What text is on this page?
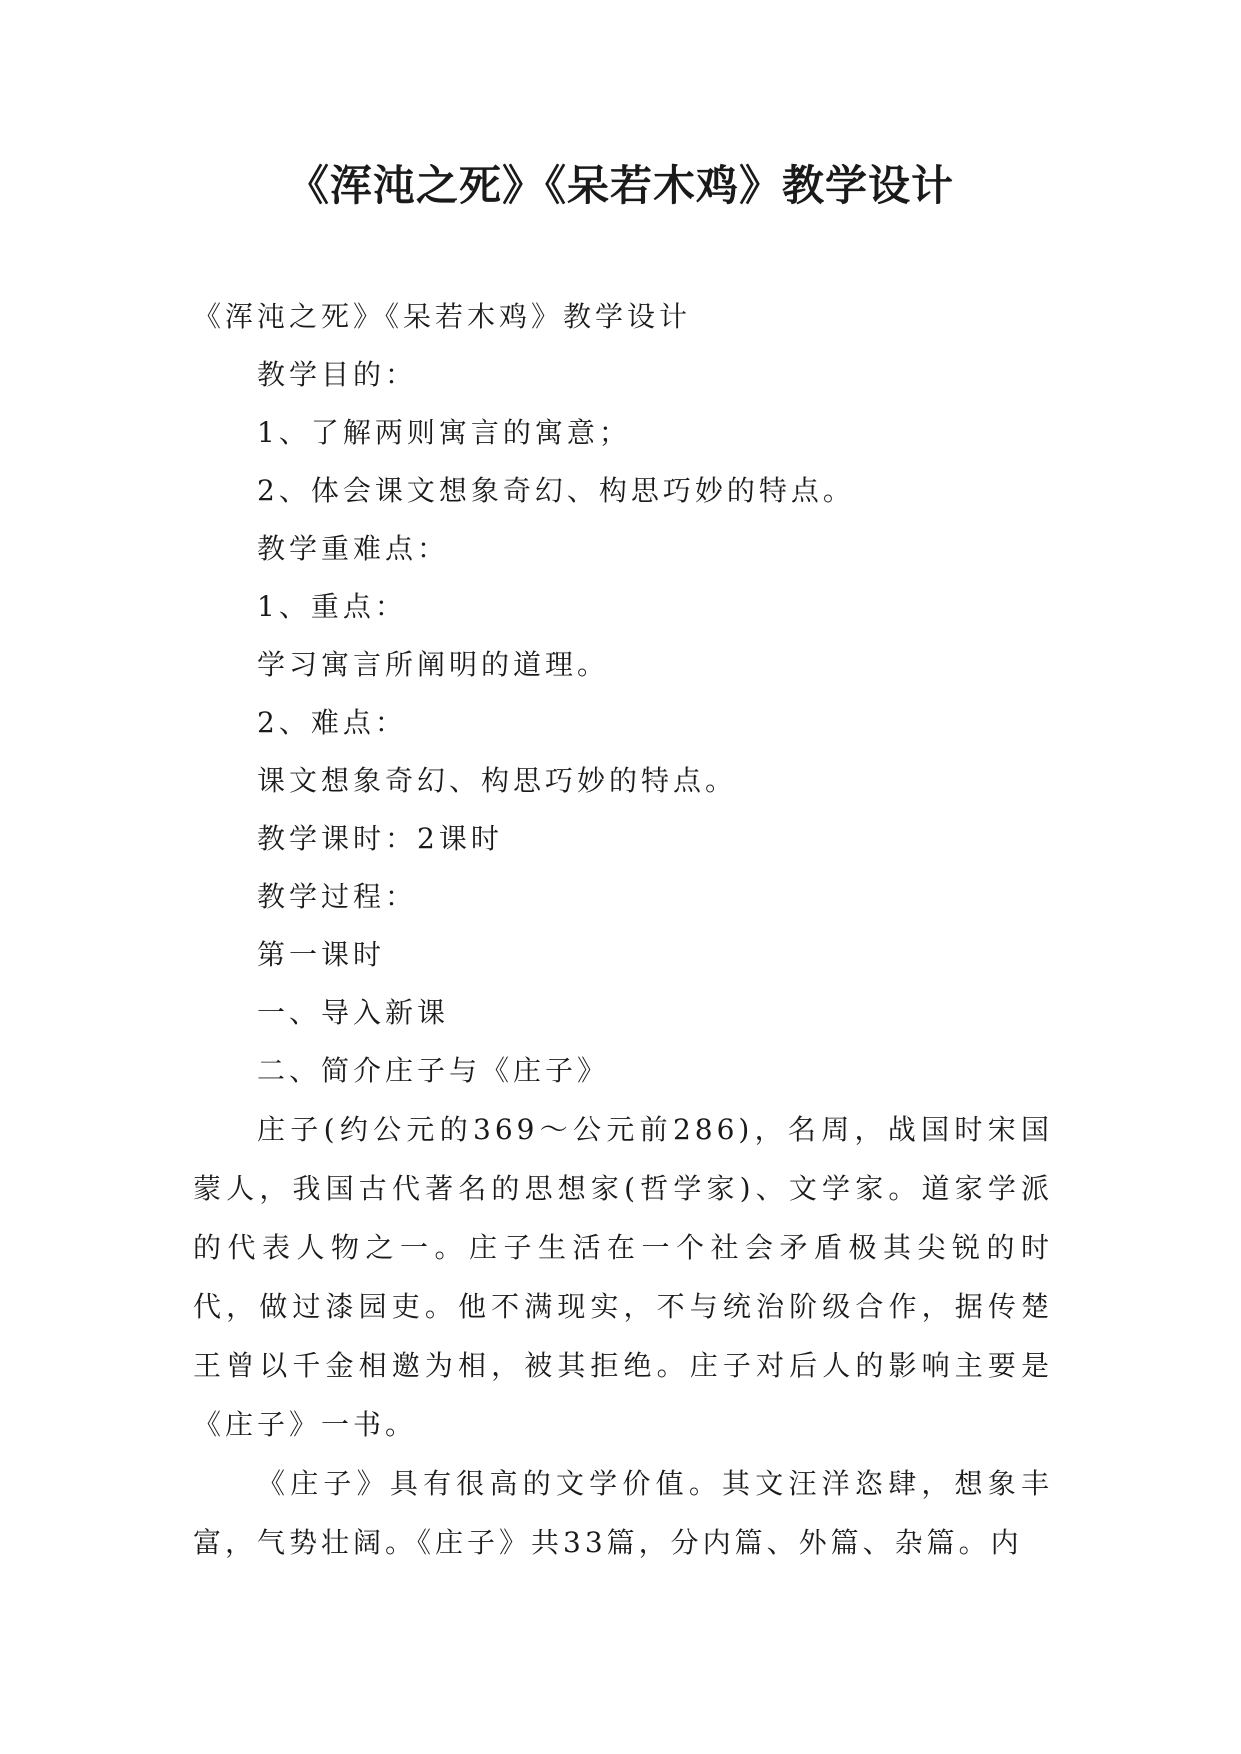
《浑沌之死》《呆若木鸡》教学设计

《浑沌之死》《呆若木鸡》教学设计

教学目的：

1、了解两则寓言的寓意；

2、体会课文想象奇幻、构思巧妙的特点。

教学重难点：

1、重点：

学习寓言所阐明的道理。

2、难点：

课文想象奇幻、构思巧妙的特点。

教学课时：2课时

教学过程：

第一课时

一、导入新课

二、简介庄子与《庄子》

庄子(约公元的369～公元前286)，名周，战国时宋国蒙人，我国古代著名的思想家(哲学家)、文学家。道家学派的代表人物之一。庄子生活在一个社会矛盾极其尖锐的时代，做过漆园吏。他不满现实，不与统治阶级合作，据传楚王曾以千金相邀为相，被其拒绝。庄子对后人的影响主要是《庄子》一书。

《庄子》具有很高的文学价值。其文汪洋恣肆，想象丰富，气势壮阔。《庄子》共33篇，分内篇、外篇、杂篇。内
